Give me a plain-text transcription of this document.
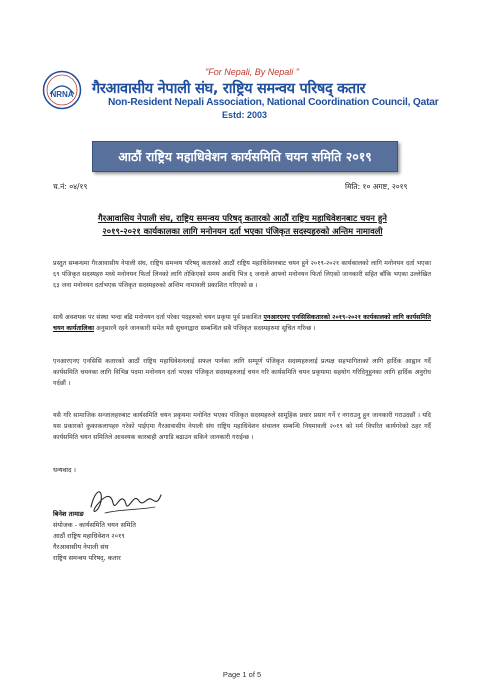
NRNA
"For Nepali, By Nepali "
गैरआवासीय नेपाली संघ, राष्ट्रिय समन्वय परिषद्‌ कतार
Non-Resident Nepali Association, National Coordination Council, Qatar
Estd: 2003
आठौं राष्ट्रिय महाधिवेशन कार्यसमिति चयन समिति २०१९
च.नं: ०४/१९	मिति: १० अगष्ट, २०१९
गैरआवासिय नेपाली संघ, राष्ट्रिय समन्वय परिषद्‌ कतारको आठौं राष्ट्रिय महाधिवेशनबाट चयन हुने
२०१९-२०२१ कार्यकालका लागि मनोनयन दर्ता भएका पंजिकृत सदस्यहरुको अन्तिम नामावली
प्रस्तुत सम्बन्धमा गैरआवासीय नेपाली संघ, राष्ट्रिय समन्वय परिषद्‌ कतारको आठौं राष्ट्रिय महाधिवेशनबाट चयन हुने २०१९-२०२१ कार्यकालको लागि मनोनयन दर्ता भएका ६९ पंजिकृत सदस्यहरु मध्ये मनोनयन फिर्ता लिनको लागि तोकिएको समय अवधि भित्र ६ जनाले आफ्नो मनोनयन फिर्ता लिएको जानकारी सहित बाँकि भएका उल्लेखित ६३ जना मनोनयन दर्ताभएक पंजिकृत सदस्यहरुको अन्तिम नामावली प्रकाशित गरिएको छ ।
साथै अवशयक पर संस्था भन्दा बढि मनोनयन दर्ता परेका पदहरुको चयन प्रकृया पूर्व प्रकाशित एनआरएनए एनसिसिकतारको २०१९-२०२१ कार्यकालको लागि कार्यसमिति चयन कार्यतालिका अनुसारनै रहने जानकारी समेत यसै सुचनाद्वारा सम्बन्धित सबै पंजिकृत सदस्यहरुमा सूचित गरिन्छ ।
एनआरएनए एनसिसि कतारको आठौं राष्ट्रिय महाधिवेशनलाई सफल पार्नका लागि सम्पूर्ण पंजिकृत सदस्यहरुलाई प्रत्यक्ष सहभागिताको लागि हार्दिक आह्वान गर्दै कार्यसमिति चयनका लागि विभिन्न पदमा मनोनयन दर्ता भएका पंजिकृत सदस्यहरुलाई चयन गरि कार्यसमिति चयन प्रकृयामा सहयोग गरिदिनुहुनका लागि हार्दिक अनुरोध गर्दछौं ।
यसै गरि सामाजिक सन्जालहरुबाट कार्यसमिति चयन प्रकृयमा मनोनित भएका पंजिकृत सदस्यहरुले सामूहिक प्रचार प्रसार गर्ने र नगराउनु हुन जानकारी गराउदछौं । यदि यस प्रकारको कुकाकलापहरु गरेको पाईएमा गैरआवासीय नेपाली संघ राष्ट्रिय महाधिवेशन संचालन सम्बन्धि नियमावली २०१९ को मर्म विपरित कार्यगरेको ठहर गर्दै कार्यसमिति चयन समितिले आवश्यक कारबाही अगाडि बढाउन सकिने जानकारी गराईन्छ ।
धन्यवाद ।
बिनेश तामाङ
संयोजक - कार्यसमिति चयन समिति
आठौं राष्ट्रिय महाधिवेशन २०१९
गैरआवासीय नेपाली संघ
राष्ट्रिय समन्वय परिषद्‌, कतार
Page 1 of 5
